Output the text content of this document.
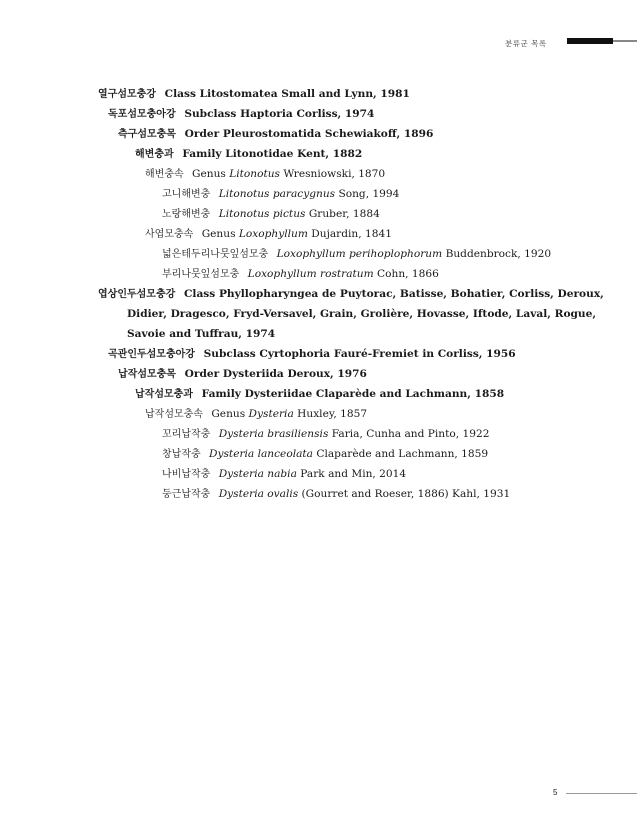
분류군 목록
열구섬모충강 Class Litostomatea Small and Lynn, 1981
독포섬모충아강 Subclass Haptoria Corliss, 1974
측구섬모충목 Order Pleurostomatida Schewiakoff, 1896
해변충과 Family Litonotidae Kent, 1882
해변충속 Genus Litonotus Wresniowski, 1870
고니해변충 Litonotus paracygnus Song, 1994
노랑해변충 Litonotus pictus Gruber, 1884
사엽모충속 Genus Loxophyllum Dujardin, 1841
넓은테두리나뭇잎섬모충 Loxophyllum perihoplophorum Buddenbrock, 1920
부리나뭇잎섬모충 Loxophyllum rostratum Cohn, 1866
엽상인두섬모충강 Class Phyllopharyngea de Puytorac, Batisse, Bohatier, Corliss, Deroux,
Didier, Dragesco, Fryd-Versavel, Grain, Grolière, Hovasse, Iftode, Laval, Rogue,
Savoie and Tuffrau, 1974
곡관인두섬모충아강 Subclass Cyrtophoria Fauré-Fremiet in Corliss, 1956
납작섬모충목 Order Dysteriida Deroux, 1976
납작섬모충과 Family Dysteriidae Claparède and Lachmann, 1858
납작섬모충속 Genus Dysteria Huxley, 1857
꼬리납작충 Dysteria brasiliensis Faria, Cunha and Pinto, 1922
창납작충 Dysteria lanceolata Claparède and Lachmann, 1859
나비납작충 Dysteria nabia Park and Min, 2014
둥근납작충 Dysteria ovalis (Gourret and Roeser, 1886) Kahl, 1931
5
